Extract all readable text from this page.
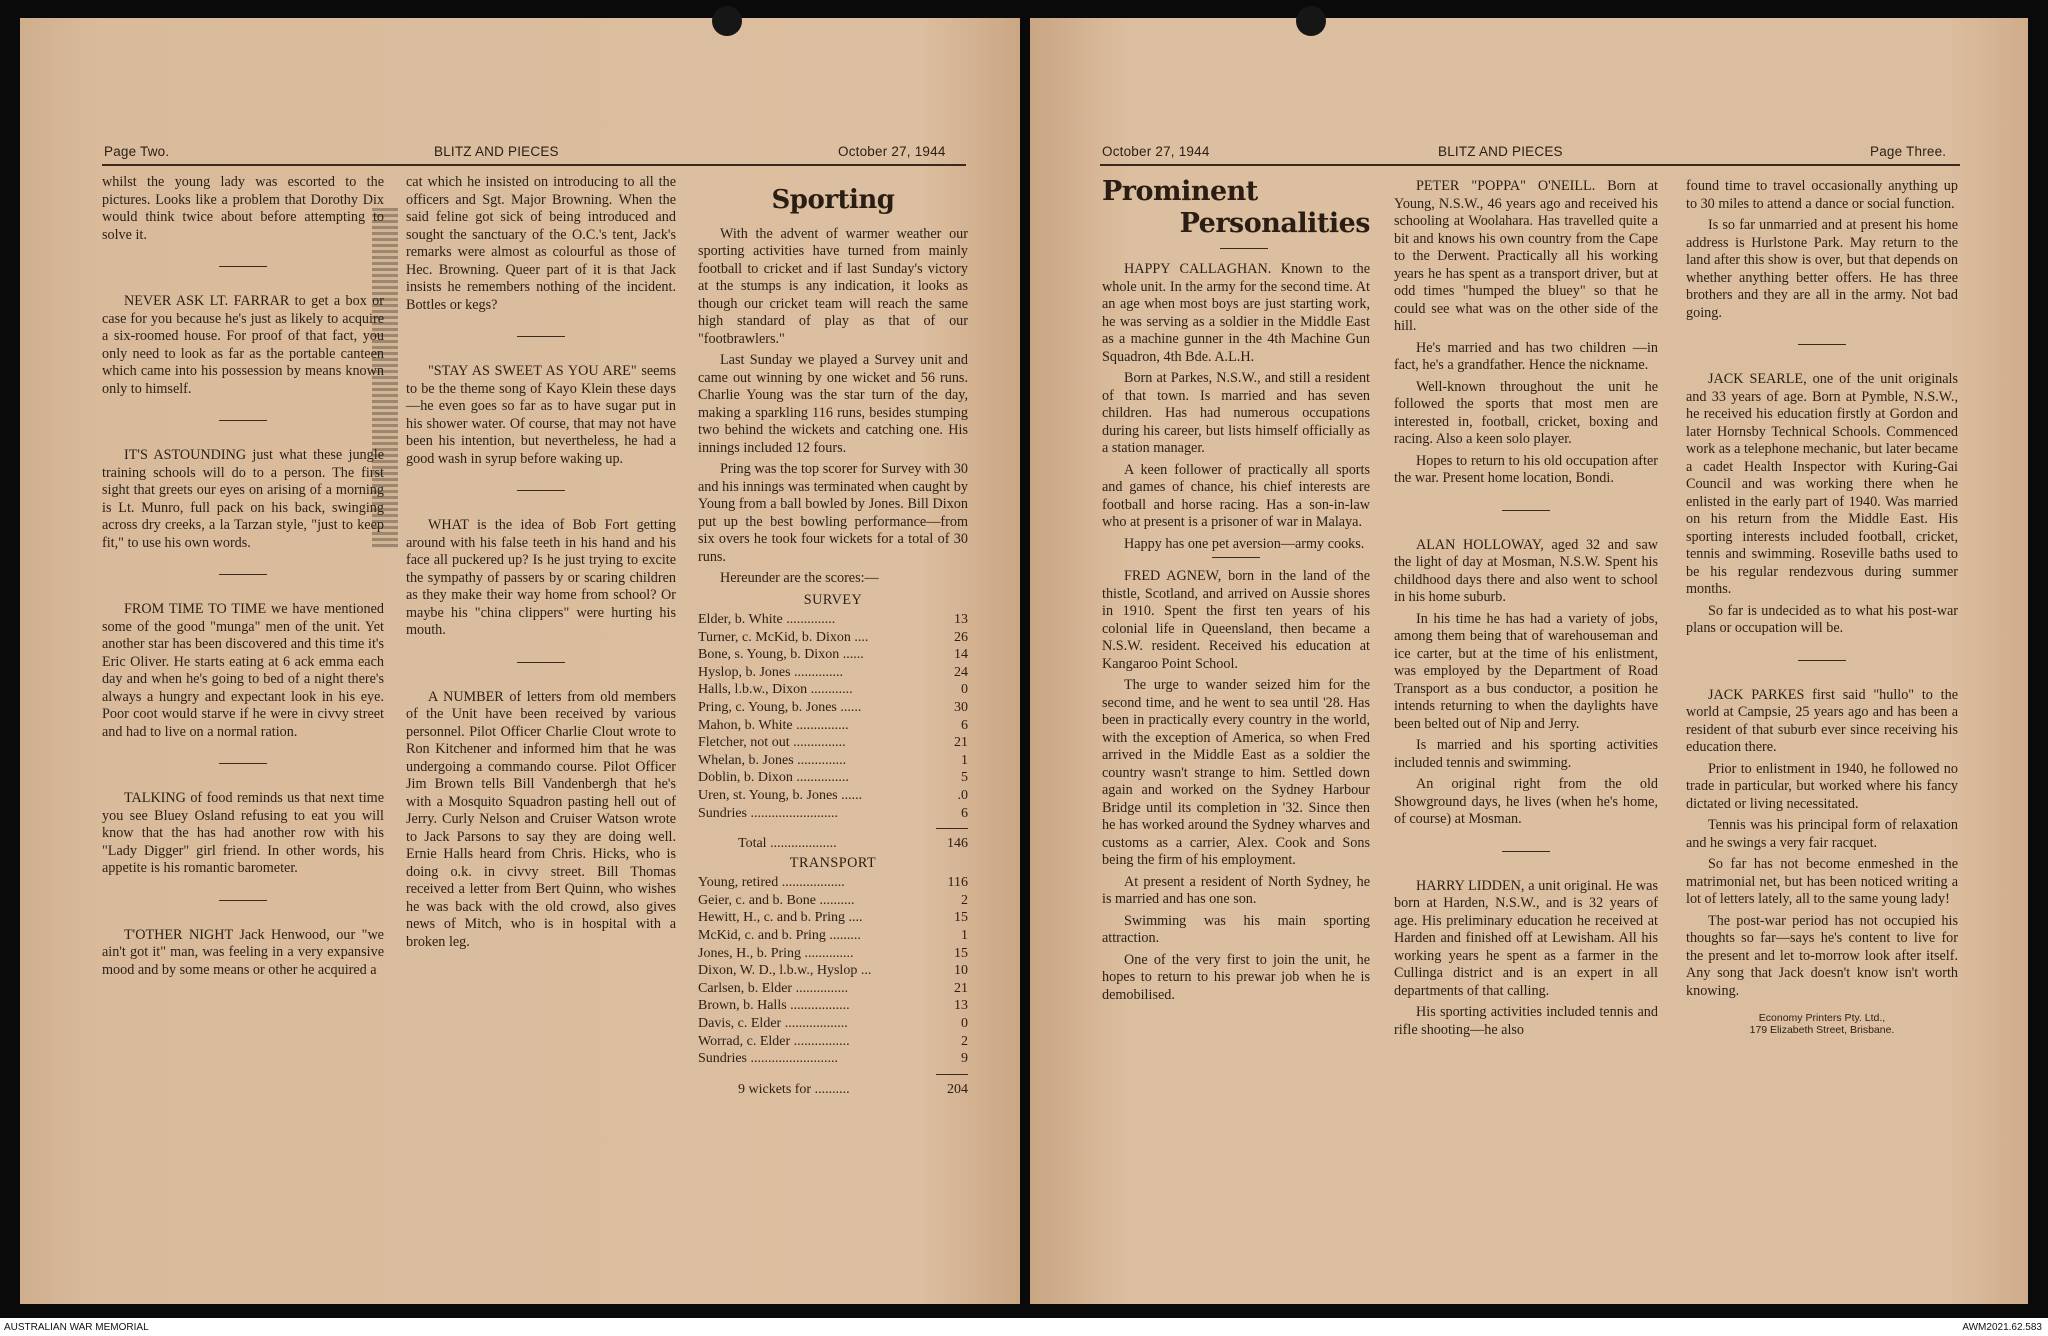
Page Two.	BLITZ AND PIECES	October 27, 1944

whilst the young lady was escorted to the pictures. Looks like a problem that Dorothy Dix would think twice about before attempting to solve it.

NEVER ASK LT. FARRAR to get a box or case for you because he's just as likely to acquire a six-roomed house. For proof of that fact, you only need to look as far as the portable canteen which came into his possession by means known only to himself.

IT'S ASTOUNDING just what these jungle training schools will do to a person. The first sight that greets our eyes on arising of a morning is Lt. Munro, full pack on his back, swinging across dry creeks, a la Tarzan style, "just to keep fit," to use his own words.

FROM TIME TO TIME we have mentioned some of the good "munga" men of the unit. Yet another star has been discovered and this time it's Eric Oliver. He starts eating at 6 ack emma each day and when he's going to bed of a night there's always a hungry and expectant look in his eye. Poor coot would starve if he were in civvy street and had to live on a normal ration.

TALKING of food reminds us that next time you see Bluey Osland refusing to eat you will know that the has had another row with his "Lady Digger" girl friend. In other words, his appetite is his romantic barometer.

T'OTHER NIGHT Jack Henwood, our "we ain't got it" man, was feeling in a very expansive mood and by some means or other he acquired a

cat which he insisted on introducing to all the officers and Sgt. Major Browning. When the said feline got sick of being introduced and sought the sanctuary of the O.C.'s tent, Jack's remarks were almost as colourful as those of Hec. Browning. Queer part of it is that Jack insists he remembers nothing of the incident. Bottles or kegs?

"STAY AS SWEET AS YOU ARE" seems to be the theme song of Kayo Klein these days—he even goes so far as to have sugar put in his shower water. Of course, that may not have been his intention, but nevertheless, he had a good wash in syrup before waking up.

WHAT is the idea of Bob Fort getting around with his false teeth in his hand and his face all puckered up? Is he just trying to excite the sympathy of passers by or scaring children as they make their way home from school? Or maybe his "china clippers" were hurting his mouth.

A NUMBER of letters from old members of the Unit have been received by various personnel. Pilot Officer Charlie Clout wrote to Ron Kitchener and informed him that he was undergoing a commando course. Pilot Officer Jim Brown tells Bill Vandenbergh that he's with a Mosquito Squadron pasting hell out of Jerry. Curly Nelson and Cruiser Watson wrote to Jack Parsons to say they are doing well. Ernie Halls heard from Chris. Hicks, who is doing o.k. in civvy street. Bill Thomas received a letter from Bert Quinn, who wishes he was back with the old crowd, also gives news of Mitch, who is in hospital with a broken leg.

Sporting

With the advent of warmer weather our sporting activities have turned from mainly football to cricket and if last Sunday's victory at the stumps is any indication, it looks as though our cricket team will reach the same high standard of play as that of our "footbrawlers."

Last Sunday we played a Survey unit and came out winning by one wicket and 56 runs. Charlie Young was the star turn of the day, making a sparkling 116 runs, besides stumping two behind the wickets and catching one. His innings included 12 fours.

Pring was the top scorer for Survey with 30 and his innings was terminated when caught by Young from a ball bowled by Jones. Bill Dixon put up the best bowling performance—from six overs he took four wickets for a total of 30 runs.

Hereunder are the scores:—

SURVEY
Elder, b. White ..............	13
Turner, c. McKid, b. Dixon ....	26
Bone, s. Young, b. Dixon ......	14
Hyslop, b. Jones ..............	24
Halls, l.b.w., Dixon ............	0
Pring, c. Young, b. Jones ......	30
Mahon, b. White ...............	6
Fletcher, not out ...............	21
Whelan, b. Jones ..............	1
Doblin, b. Dixon ...............	5
Uren, st. Young, b. Jones ......	.0
Sundries .........................	6
Total ...................	146
TRANSPORT
Young, retired ..................	116
Geier, c. and b. Bone ..........	2
Hewitt, H., c. and b. Pring ....	15
McKid, c. and b. Pring .........	1
Jones, H., b. Pring ..............	15
Dixon, W. D., l.b.w., Hyslop ...	10
Carlsen, b. Elder ...............	21
Brown, b. Halls .................	13
Davis, c. Elder ..................	0
Worrad, c. Elder ................	2
Sundries .........................	9
9 wickets for ..........	204
October 27, 1944	BLITZ AND PIECES	Page Three.
Prominent
Personalities

HAPPY CALLAGHAN. Known to the whole unit. In the army for the second time. At an age when most boys are just starting work, he was serving as a soldier in the Middle East as a machine gunner in the 4th Machine Gun Squadron, 4th Bde. A.L.H.

Born at Parkes, N.S.W., and still a resident of that town. Is married and has seven children. Has had numerous occupations during his career, but lists himself officially as a station manager.

A keen follower of practically all sports and games of chance, his chief interests are football and horse racing. Has a son-in-law who at present is a prisoner of war in Malaya.

Happy has one pet aversion—army cooks.

FRED AGNEW, born in the land of the thistle, Scotland, and arrived on Aussie shores in 1910. Spent the first ten years of his colonial life in Queensland, then became a N.S.W. resident. Received his education at Kangaroo Point School.

The urge to wander seized him for the second time, and he went to sea until '28. Has been in practically every country in the world, with the exception of America, so when Fred arrived in the Middle East as a soldier the country wasn't strange to him. Settled down again and worked on the Sydney Harbour Bridge until its completion in '32. Since then he has worked around the Sydney wharves and customs as a carrier, Alex. Cook and Sons being the firm of his employment.

At present a resident of North Sydney, he is married and has one son.

Swimming was his main sporting attraction.

One of the very first to join the unit, he hopes to return to his prewar job when he is demobilised.

PETER "POPPA" O'NEILL. Born at Young, N.S.W., 46 years ago and received his schooling at Woolahara. Has travelled quite a bit and knows his own country from the Cape to the Derwent. Practically all his working years he has spent as a transport driver, but at odd times "humped the bluey" so that he could see what was on the other side of the hill.

He's married and has two children —in fact, he's a grandfather. Hence the nickname.

Well-known throughout the unit he followed the sports that most men are interested in, football, cricket, boxing and racing. Also a keen solo player.

Hopes to return to his old occupation after the war. Present home location, Bondi.

ALAN HOLLOWAY, aged 32 and saw the light of day at Mosman, N.S.W. Spent his childhood days there and also went to school in his home suburb.

In his time he has had a variety of jobs, among them being that of warehouseman and ice carter, but at the time of his enlistment, was employed by the Department of Road Transport as a bus conductor, a position he intends returning to when the daylights have been belted out of Nip and Jerry.

Is married and his sporting activities included tennis and swimming.

An original right from the old Showground days, he lives (when he's home, of course) at Mosman.

HARRY LIDDEN, a unit original. He was born at Harden, N.S.W., and is 32 years of age. His preliminary education he received at Harden and finished off at Lewisham. All his working years he spent as a farmer in the Cullinga district and is an expert in all departments of that calling.

His sporting activities included tennis and rifle shooting—he also

found time to travel occasionally anything up to 30 miles to attend a dance or social function.

Is so far unmarried and at present his home address is Hurlstone Park. May return to the land after this show is over, but that depends on whether anything better offers. He has three brothers and they are all in the army. Not bad going.

JACK SEARLE, one of the unit originals and 33 years of age. Born at Pymble, N.S.W., he received his education firstly at Gordon and later Hornsby Technical Schools. Commenced work as a telephone mechanic, but later became a cadet Health Inspector with Kuring-Gai Council and was working there when he enlisted in the early part of 1940. Was married on his return from the Middle East. His sporting interests included football, cricket, tennis and swimming. Roseville baths used to be his regular rendezvous during summer months.

So far is undecided as to what his post-war plans or occupation will be.

JACK PARKES first said "hullo" to the world at Campsie, 25 years ago and has been a resident of that suburb ever since receiving his education there.

Prior to enlistment in 1940, he followed no trade in particular, but worked where his fancy dictated or living necessitated.

Tennis was his principal form of relaxation and he swings a very fair racquet.

So far has not become enmeshed in the matrimonial net, but has been noticed writing a lot of letters lately, all to the same young lady!

The post-war period has not occupied his thoughts so far—says he's content to live for the present and let to-morrow look after itself. Any song that Jack doesn't know isn't worth knowing.

Economy Printers Pty. Ltd.,
179 Elizabeth Street, Brisbane.
AUSTRALIAN WAR MEMORIAL	AWM2021.62.583
